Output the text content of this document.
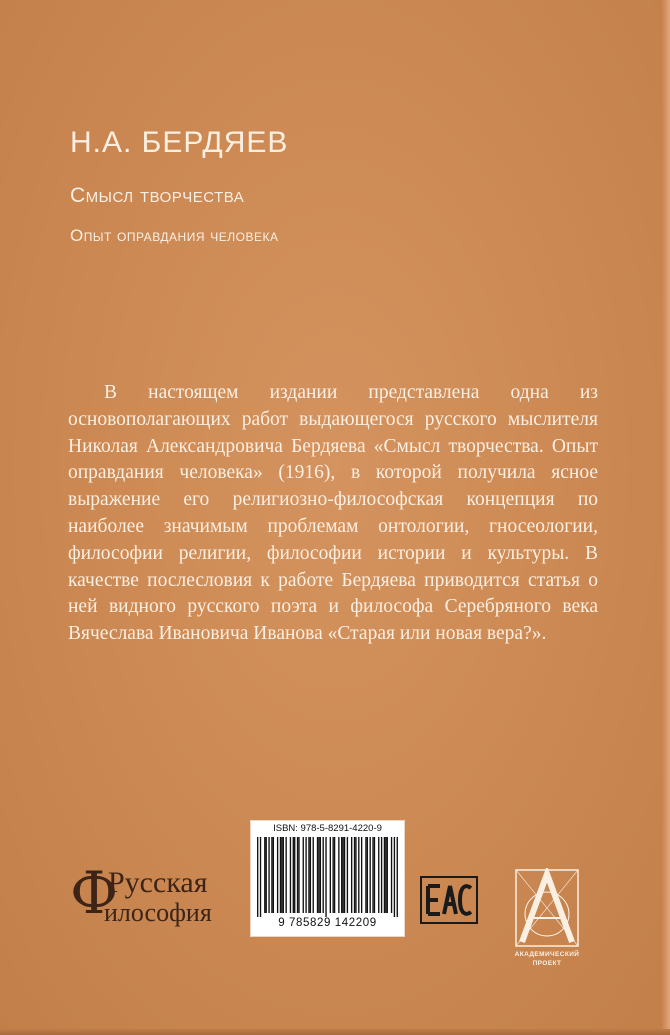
Н.А. БЕРДЯЕВ
Смысл творчества
Опыт оправдания человека

В настоящем издании представлена одна из основополагающих работ выдающегося русского мыслителя Николая Александровича Бердяева «Смысл творчества. Опыт оправдания человека» (1916), в которой получила ясное выражение его религиозно-философская концепция по наиболее значимым проблемам онтологии, гносеологии, философии религии, философии истории и культуры. В качестве послесловия к работе Бердяева приводится статья о ней видного русского поэта и философа Серебряного века Вячеслава Ивановича Иванова «Старая или новая вера?».

Ф
Русская
илософия
ISBN: 978-5-8291-4220-9
9 785829 142209
АКАДЕМИЧЕСКИЙ
ПРОЕКТ
